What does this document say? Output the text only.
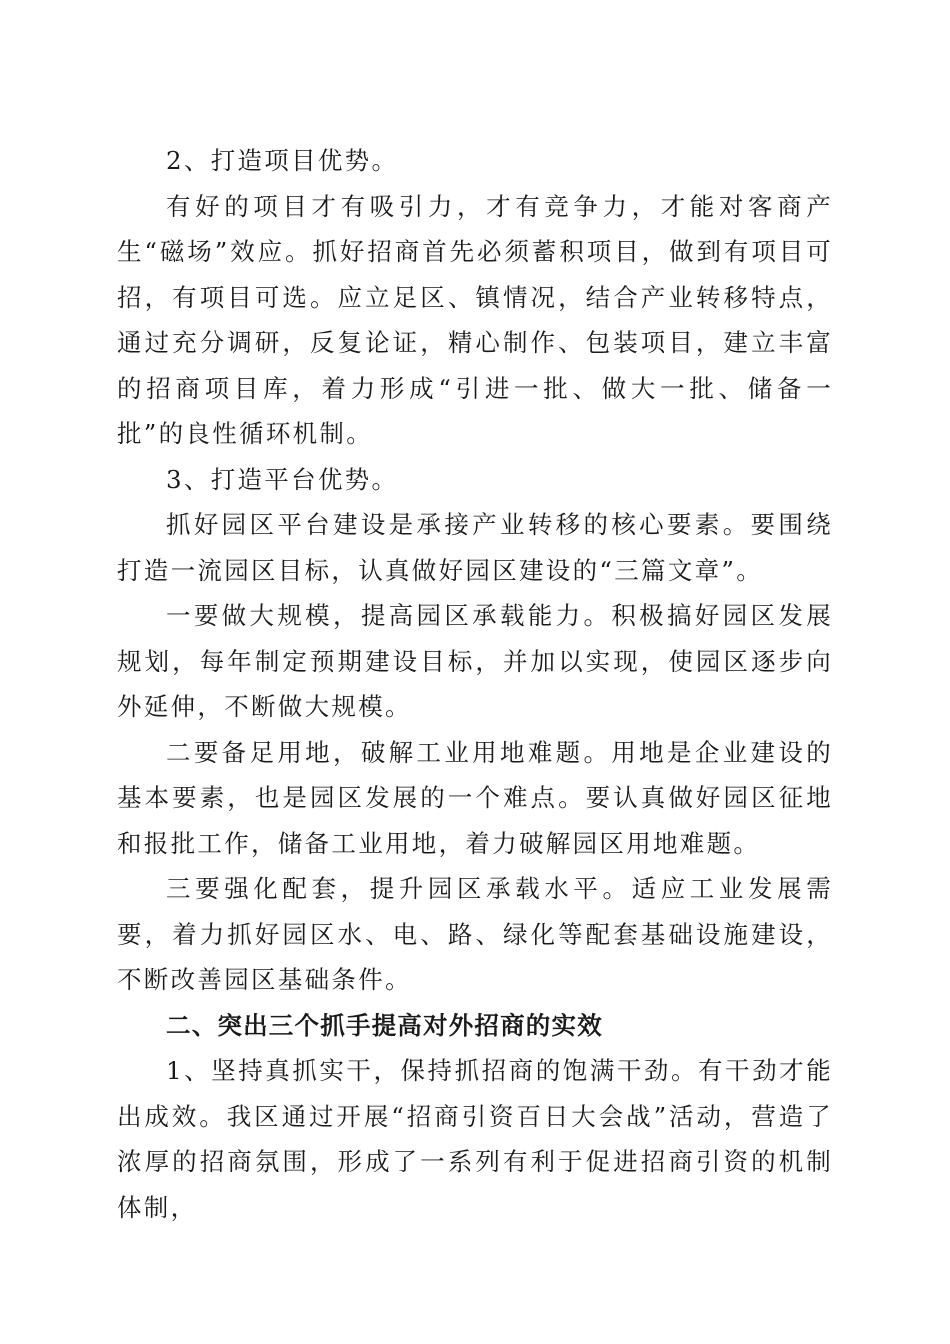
2、打造项目优势。

有好的项目才有吸引力，才有竞争力，才能对客商产生“磁场”效应。抓好招商首先必须蓄积项目，做到有项目可招，有项目可选。应立足区、镇情况，结合产业转移特点，通过充分调研，反复论证，精心制作、包装项目，建立丰富的招商项目库，着力形成“引进一批、做大一批、储备一批”的良性循环机制。

3、打造平台优势。

抓好园区平台建设是承接产业转移的核心要素。要围绕打造一流园区目标，认真做好园区建设的“三篇文章”。

一要做大规模，提高园区承载能力。积极搞好园区发展规划，每年制定预期建设目标，并加以实现，使园区逐步向外延伸，不断做大规模。

二要备足用地，破解工业用地难题。用地是企业建设的基本要素，也是园区发展的一个难点。要认真做好园区征地和报批工作，储备工业用地，着力破解园区用地难题。

三要强化配套，提升园区承载水平。适应工业发展需要，着力抓好园区水、电、路、绿化等配套基础设施建设，不断改善园区基础条件。

二、突出三个抓手提高对外招商的实效

1、坚持真抓实干，保持抓招商的饱满干劲。有干劲才能出成效。我区通过开展“招商引资百日大会战”活动，营造了浓厚的招商氛围，形成了一系列有利于促进招商引资的机制体制，
